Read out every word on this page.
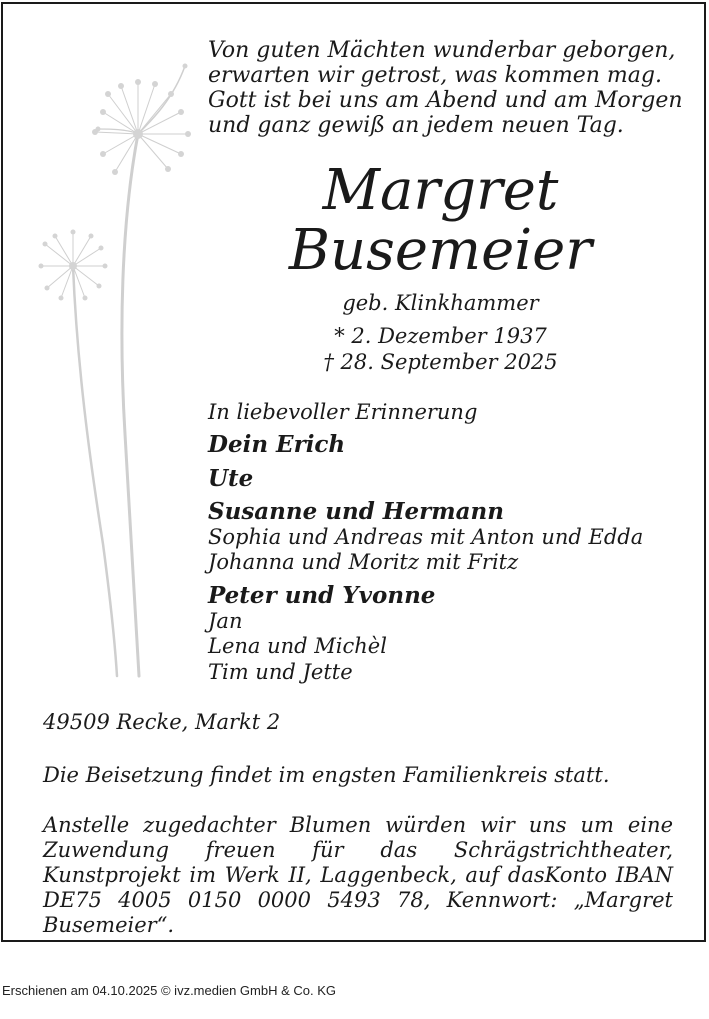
Von guten Mächten wunderbar geborgen,
erwarten wir getrost, was kommen mag.
Gott ist bei uns am Abend und am Morgen
und ganz gewiß an jedem neuen Tag.

Margret

Busemeier

geb. Klinkhammer

* 2. Dezember 1937

† 28. September 2025

In liebevoller Erinnerung

Dein Erich

Ute

Susanne und Hermann

Sophia und Andreas mit Anton und Edda

Johanna und Moritz mit Fritz

Peter und Yvonne

Jan

Lena und Michèl

Tim und Jette

49509 Recke, Markt 2

Die Beisetzung findet im engsten Familienkreis statt.

Anstelle zugedachter Blumen würden wir uns um eine Zuwendung freuen für das Schrägstrichtheater, Kunstprojekt im Werk II, Laggenbeck, auf dasKonto IBAN DE75 4005 0150 0000 5493 78, Kennwort: „Margret Busemeier“.

Erschienen am 04.10.2025 © ivz.medien GmbH & Co. KG
